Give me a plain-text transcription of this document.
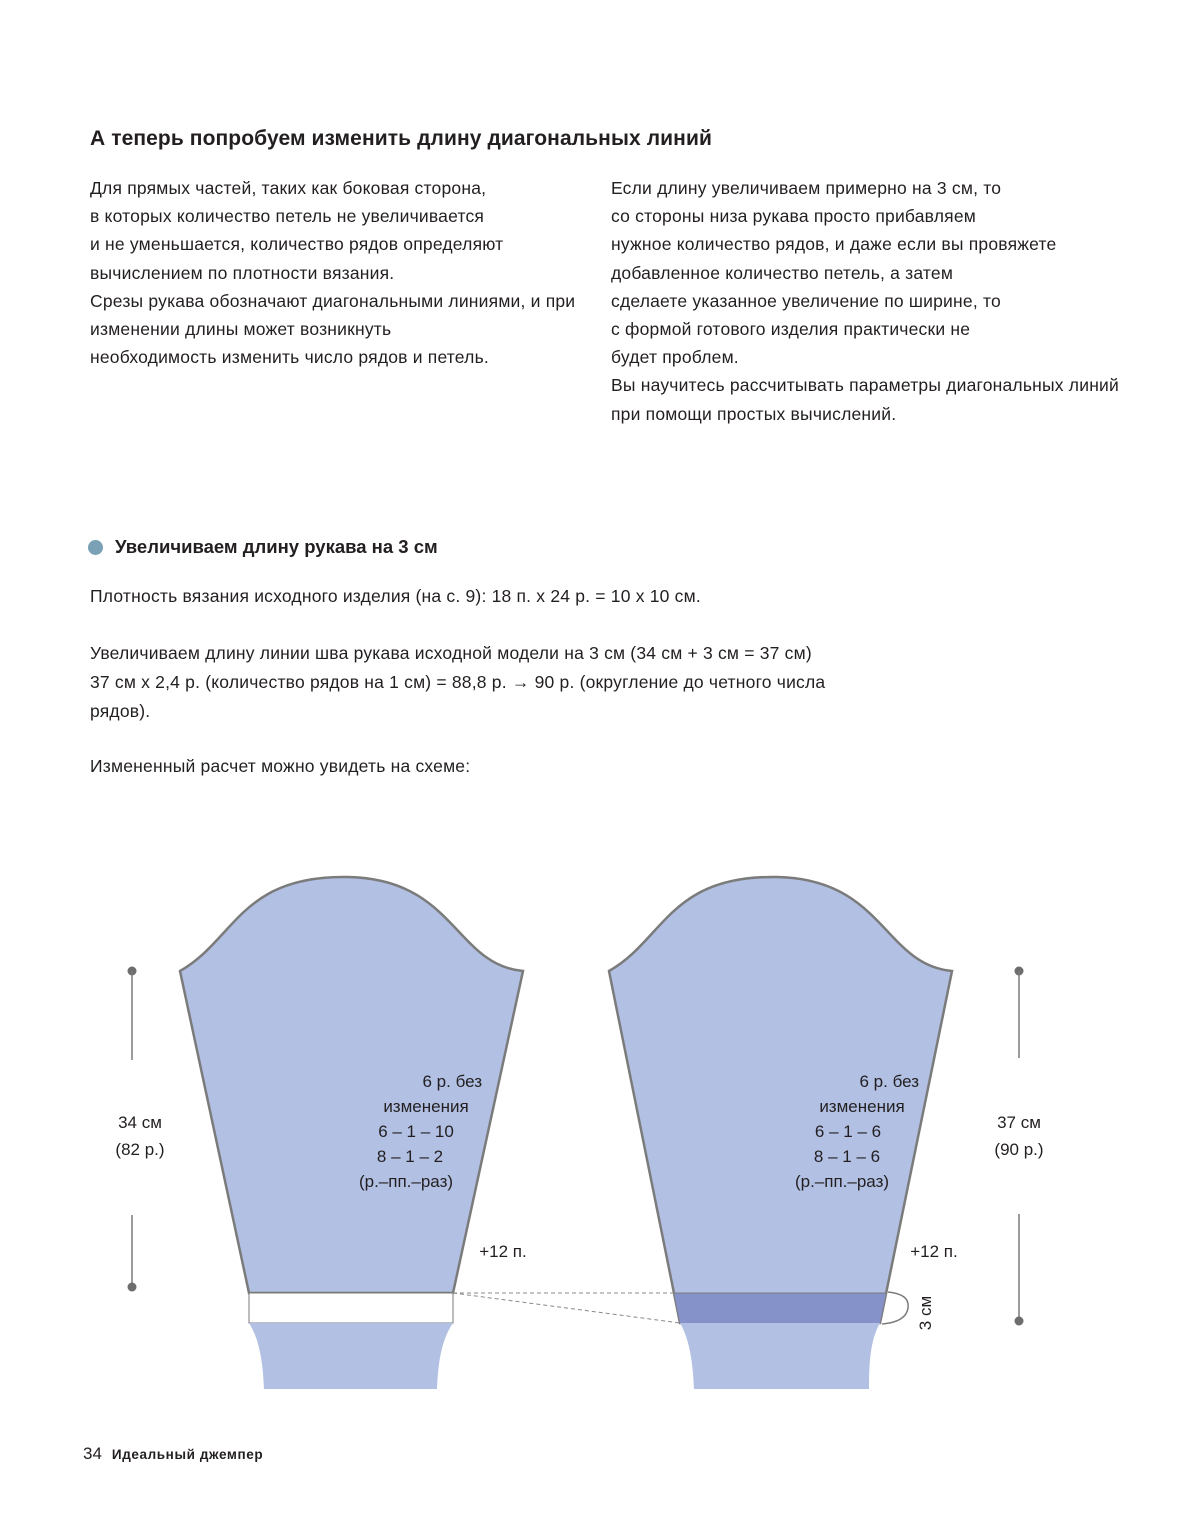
А теперь попробуем изменить длину диагональных линий

Для прямых частей, таких как боковая сторона,
в которых количество петель не увеличивается
и не уменьшается, количество рядов определяют
вычислением по плотности вязания.

Срезы рукава обозначают диагональными линиями, и при изменении длины может возникнуть
необходимость изменить число рядов и петель.

Если длину увеличиваем примерно на 3 см, то
со стороны низа рукава просто прибавляем
нужное количество рядов, и даже если вы провяжете добавленное количество петель, а затем
сделаете указанное увеличение по ширине, то
с формой готового изделия практически не
будет проблем.

Вы научитесь рассчитывать параметры диагональных линий при помощи простых вычислений.

Увеличиваем длину рукава на 3 см
Плотность вязания исходного изделия (на с. 9): 18 п. х 24 р. = 10 х 10 см.
Увеличиваем длину линии шва рукава исходной модели на 3 см (34 см + 3 см = 37 см)
37 см х 2,4 р. (количество рядов на 1 см) = 88,8 р. → 90 р. (округление до четного числа
рядов).
Измененный расчет можно увидеть на схеме:
34 см
(82 р.)
6 р. без
изменения
6 – 1 – 10
8 – 1 – 2
(р.–пп.–раз)
+12 п.
37 см
(90 р.)
6 р. без
изменения
6 – 1 – 6
8 – 1 – 6
(р.–пп.–раз)
+12 п.
3 см
34 Идеальный джемпер
